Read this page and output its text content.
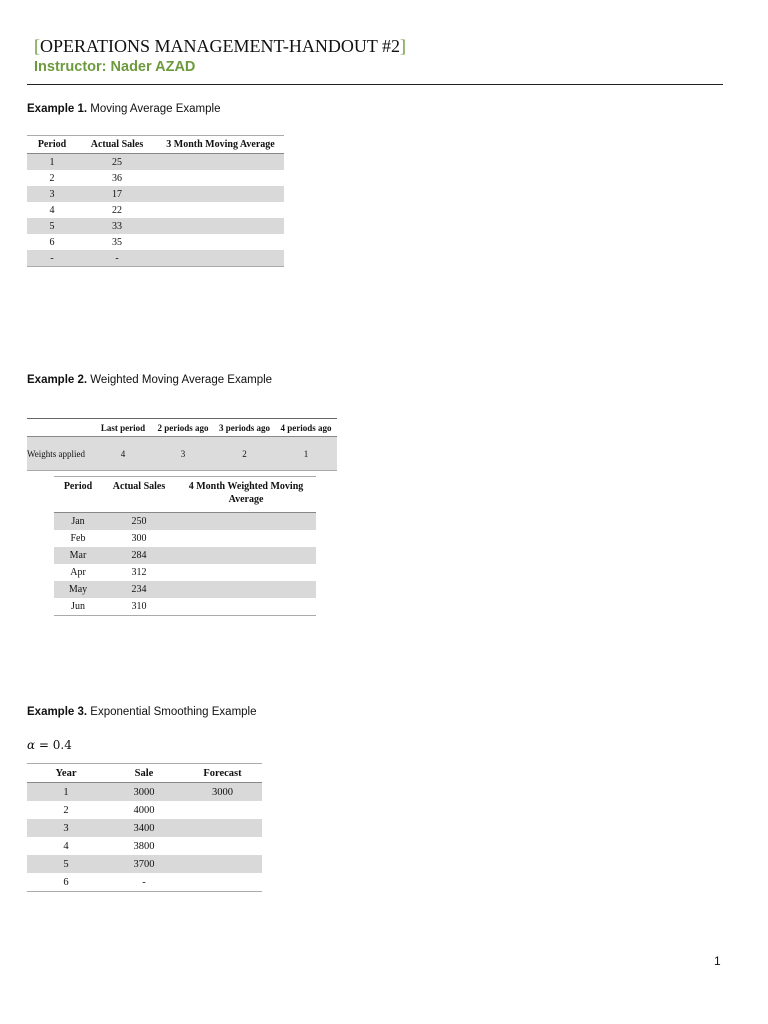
[OPERATIONS MANAGEMENT-HANDOUT #2]
Instructor: Nader AZAD
Example 1. Moving Average Example
Period	Actual Sales	3 Month Moving Average
1	25	
2	36	
3	17	
4	22	
5	33	
6	35	
-	-	
Example 2. Weighted Moving Average Example
	Last period	2 periods ago	3 periods ago	4 periods ago
Weights applied	4	3	2	1
Period	Actual Sales	4 Month Weighted Moving Average
Jan	250	
Feb	300	
Mar	284	
Apr	312	
May	234	
Jun	310	
Example 3. Exponential Smoothing Example
α = 0.4
Year	Sale	Forecast
1	3000	3000
2	4000	
3	3400	
4	3800	
5	3700	
6	-	
1
